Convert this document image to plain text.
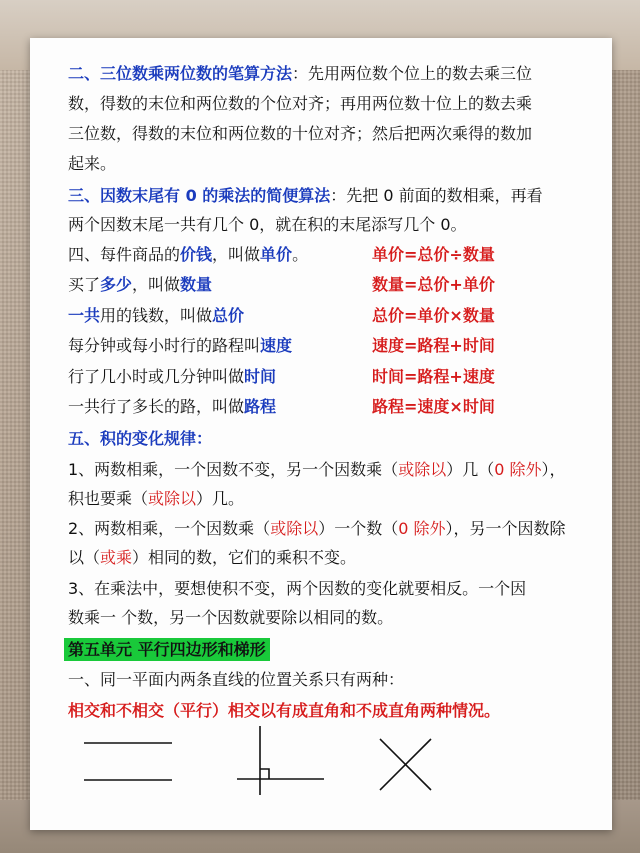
二、三位数乘两位数的笔算方法：先用两位数个位上的数去乘三位
数，得数的末位和两位数的个位对齐；再用两位数十位上的数去乘
三位数，得数的末位和两位数的十位对齐；然后把两次乘得的数加
起来。
三、因数末尾有 0 的乘法的简便算法：先把 0 前面的数相乘，再看
两个因数末尾一共有几个 0，就在积的末尾添写几个 0。
四、每件商品的价钱，叫做单价。	单价=总价÷数量
买了多少，叫做数量	数量=总价+单价
一共用的钱数，叫做总价	总价=单价×数量
每分钟或每小时行的路程叫速度	速度=路程+时间
行了几小时或几分钟叫做时间	时间=路程+速度
一共行了多长的路，叫做路程	路程=速度×时间
五、积的变化规律：
1、两数相乘，一个因数不变，另一个因数乘（或除以）几（0 除外），
积也要乘（或除以）几。
2、两数相乘，一个因数乘（或除以）一个数（0 除外），另一个因数除
以（或乘）相同的数，它们的乘积不变。
3、在乘法中，要想使积不变，两个因数的变化就要相反。一个因
数乘一 个数，另一个因数就要除以相同的数。
第五单元 平行四边形和梯形
一、同一平面内两条直线的位置关系只有两种：
相交和不相交（平行）相交以有成直角和不成直角两种情况。
